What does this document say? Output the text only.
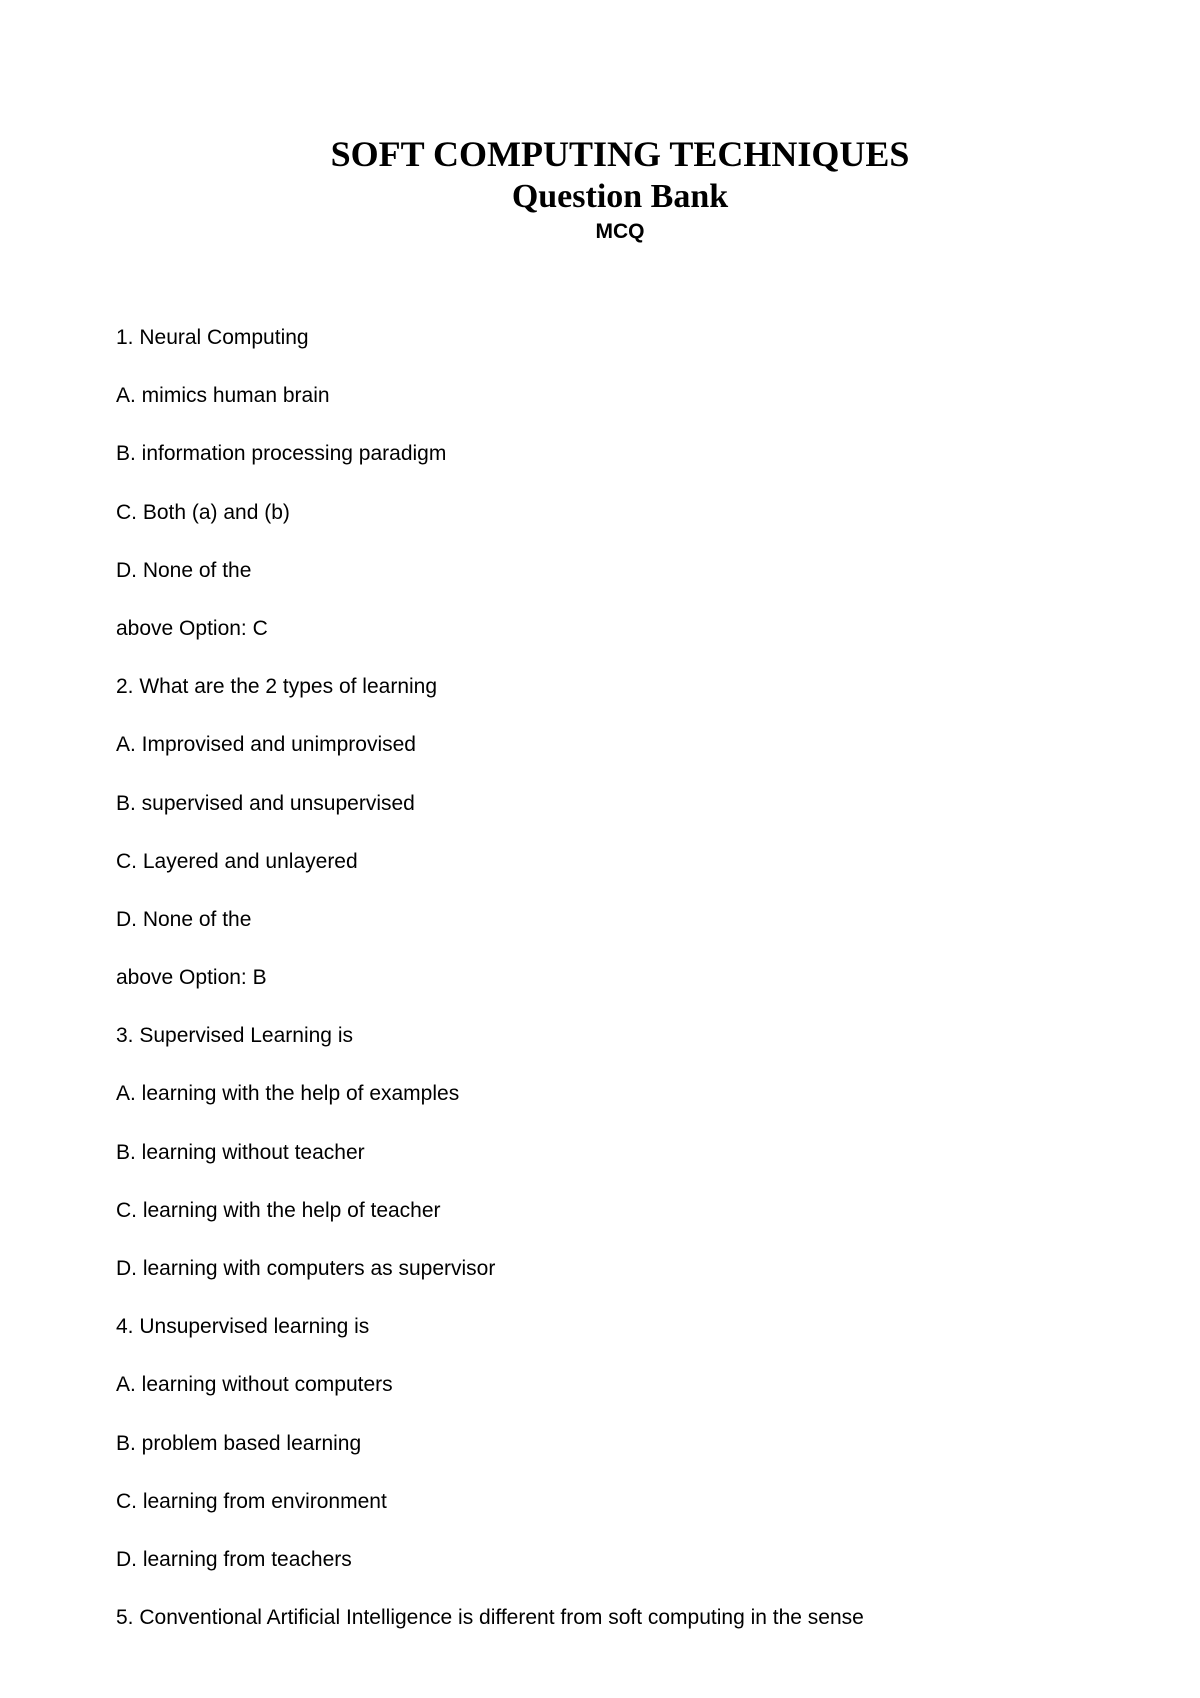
SOFT COMPUTING TECHNIQUES
Question Bank
MCQ
1. Neural Computing
A. mimics human brain
B. information processing paradigm
C. Both (a) and (b)
D. None of the
above Option: C
2. What are the 2 types of learning
A. Improvised and unimprovised
B. supervised and unsupervised
C. Layered and unlayered
D. None of the
above Option: B
3. Supervised Learning is
A. learning with the help of examples
B. learning without teacher
C. learning with the help of teacher
D. learning with computers as supervisor
4. Unsupervised learning is
A. learning without computers
B. problem based learning
C. learning from environment
D. learning from teachers
5. Conventional Artificial Intelligence is different from soft computing in the sense
